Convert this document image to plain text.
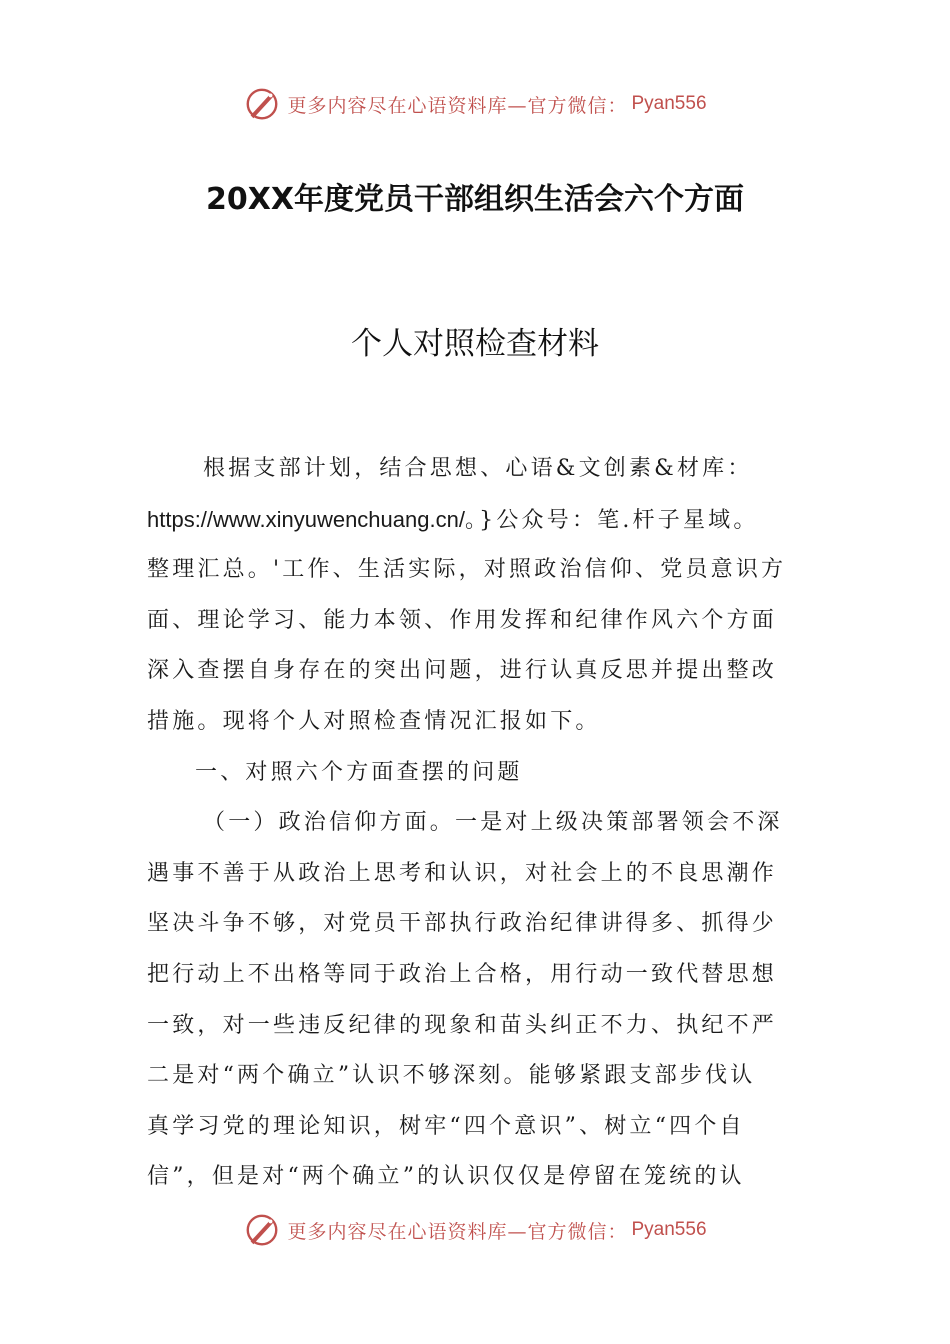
更多内容尽在心语资料库—官方微信： Pyan556
20XX年度党员干部组织生活会六个方面
个人对照检查材料
根据支部计划，结合思想、心语&文创素&材库：
https://www.xinyuwenchuang.cn/。}公众号：笔.杆子星域。
整理汇总。'工作、生活实际，对照政治信仰、党员意识方
面、理论学习、能力本领、作用发挥和纪律作风六个方面
深入查摆自身存在的突出问题，进行认真反思并提出整改
措施。现将个人对照检查情况汇报如下。
一、对照六个方面查摆的问题
（一）政治信仰方面。一是对上级决策部署领会不深
遇事不善于从政治上思考和认识，对社会上的不良思潮作
坚决斗争不够，对党员干部执行政治纪律讲得多、抓得少
把行动上不出格等同于政治上合格，用行动一致代替思想
一致，对一些违反纪律的现象和苗头纠正不力、执纪不严
二是对“两个确立”认识不够深刻。能够紧跟支部步伐认
真学习党的理论知识，树牢“四个意识”、树立“四个自
信”，但是对“两个确立”的认识仅仅是停留在笼统的认
更多内容尽在心语资料库—官方微信： Pyan556
